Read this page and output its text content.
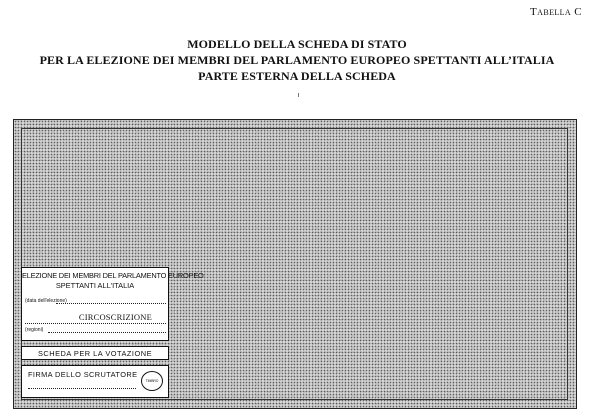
Tabella C
MODELLO DELLA SCHEDA DI STATO
PER LA ELEZIONE DEI MEMBRI DEL PARLAMENTO EUROPEO SPETTANTI ALL’ITALIA
PARTE ESTERNA DELLA SCHEDA
ELEZIONE DEI MEMBRI DEL PARLAMENTO EUROPEO
SPETTANTI ALL'ITALIA
(data dell'elezione)
CIRCOSCRIZIONE
(regioni)
SCHEDA PER LA VOTAZIONE
FIRMA DELLO SCRUTATORE
TIMBRO
